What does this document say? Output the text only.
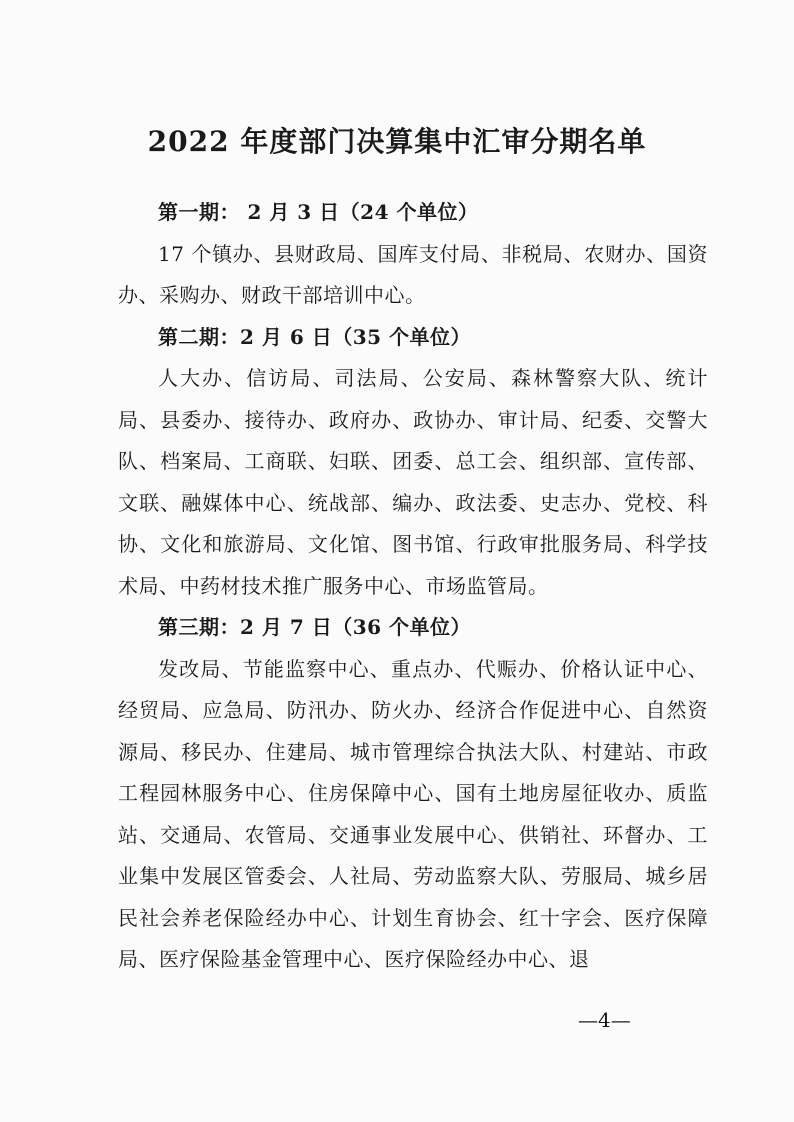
2022 年度部门决算集中汇审分期名单

第一期： 2 月 3 日（24 个单位）

17 个镇办、县财政局、国库支付局、非税局、农财办、国资办、采购办、财政干部培训中心。

第二期：2 月 6 日（35 个单位）

人大办、信访局、司法局、公安局、森林警察大队、统计局、县委办、接待办、政府办、政协办、审计局、纪委、交警大队、档案局、工商联、妇联、团委、总工会、组织部、宣传部、文联、融媒体中心、统战部、编办、政法委、史志办、党校、科协、文化和旅游局、文化馆、图书馆、行政审批服务局、科学技术局、中药材技术推广服务中心、市场监管局。

第三期：2 月 7 日（36 个单位）

发改局、节能监察中心、重点办、代赈办、价格认证中心、经贸局、应急局、防汛办、防火办、经济合作促进中心、自然资源局、移民办、住建局、城市管理综合执法大队、村建站、市政工程园林服务中心、住房保障中心、国有土地房屋征收办、质监站、交通局、农管局、交通事业发展中心、供销社、环督办、工业集中发展区管委会、人社局、劳动监察大队、劳服局、城乡居民社会养老保险经办中心、计划生育协会、红十字会、医疗保障局、医疗保险基金管理中心、医疗保险经办中心、退

—4—
